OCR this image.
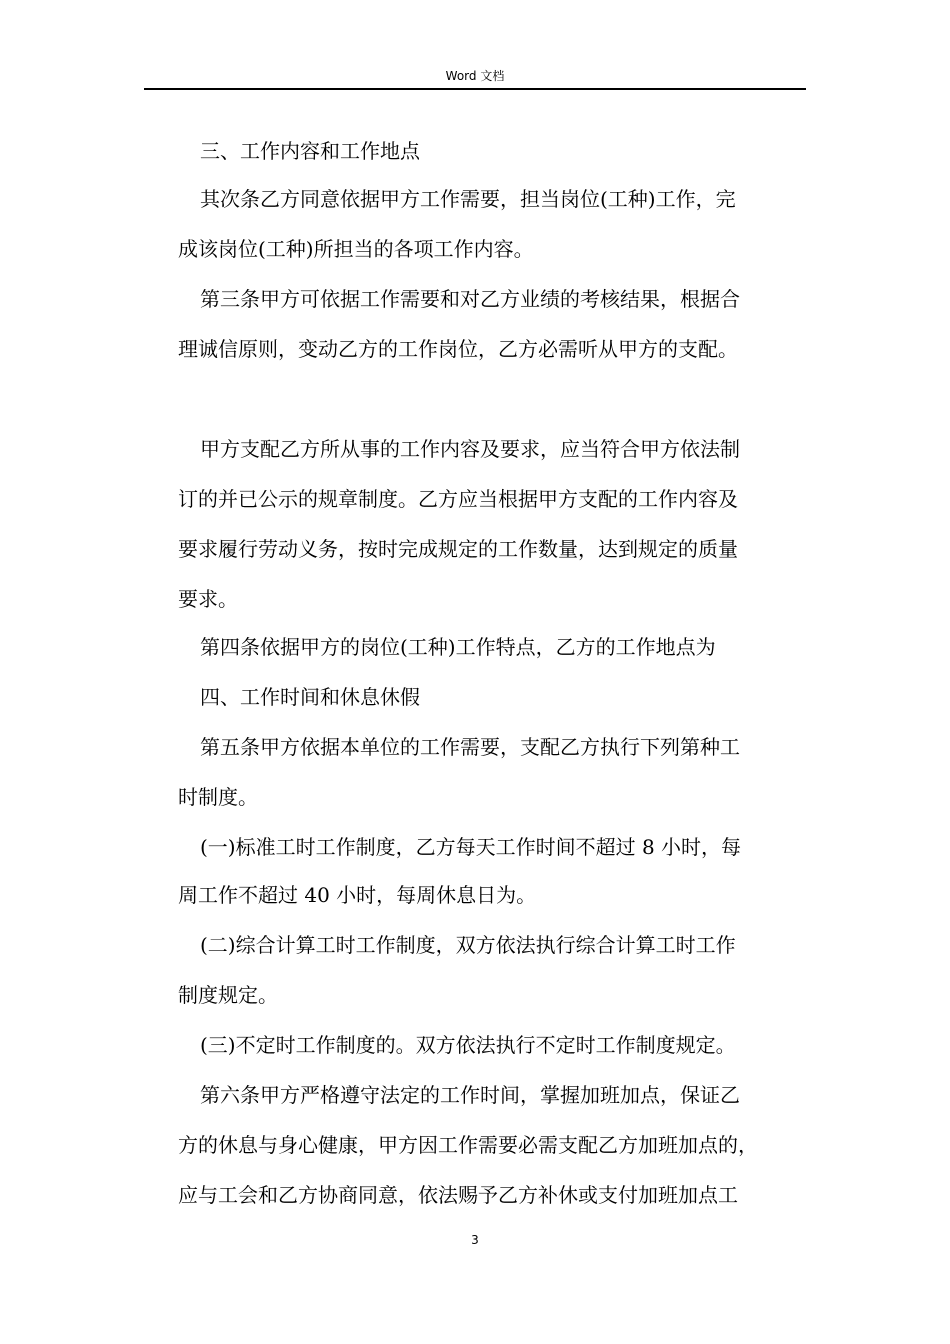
Word 文档
三、工作内容和工作地点
其次条乙方同意依据甲方工作需要，担当岗位(工种)工作，完
成该岗位(工种)所担当的各项工作内容。
第三条甲方可依据工作需要和对乙方业绩的考核结果，根据合
理诚信原则，变动乙方的工作岗位，乙方必需听从甲方的支配。
甲方支配乙方所从事的工作内容及要求，应当符合甲方依法制
订的并已公示的规章制度。乙方应当根据甲方支配的工作内容及
要求履行劳动义务，按时完成规定的工作数量，达到规定的质量
要求。
第四条依据甲方的岗位(工种)工作特点，乙方的工作地点为
四、工作时间和休息休假
第五条甲方依据本单位的工作需要，支配乙方执行下列第种工
时制度。
(一)标准工时工作制度，乙方每天工作时间不超过 8 小时，每
周工作不超过 40 小时，每周休息日为。
(二)综合计算工时工作制度，双方依法执行综合计算工时工作
制度规定。
(三)不定时工作制度的。双方依法执行不定时工作制度规定。
第六条甲方严格遵守法定的工作时间，掌握加班加点，保证乙
方的休息与身心健康，甲方因工作需要必需支配乙方加班加点的，
应与工会和乙方协商同意，依法赐予乙方补休或支付加班加点工
3
